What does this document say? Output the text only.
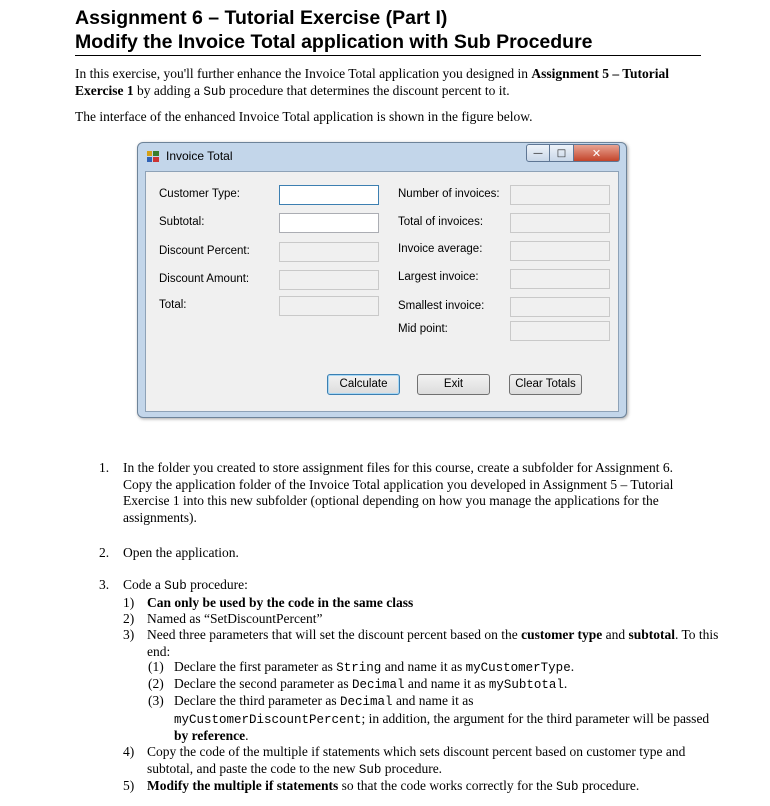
Assignment 6 – Tutorial Exercise (Part I)
Modify the Invoice Total application with Sub Procedure
In this exercise, you'll further enhance the Invoice Total application you designed in Assignment 5 – Tutorial Exercise 1 by adding a Sub procedure that determines the discount percent to it.
The interface of the enhanced Invoice Total application is shown in the figure below.
Invoice Total	—	□	✕
Customer Type:
Subtotal:
Discount Percent:
Discount Amount:
Total:
Number of invoices:
Total of invoices:
Invoice average:
Largest invoice:
Smallest invoice:
Mid point:
Calculate	Exit	Clear Totals
1. In the folder you created to store assignment files for this course, create a subfolder for Assignment 6. Copy the application folder of the Invoice Total application you developed in Assignment 5 – Tutorial Exercise 1 into this new subfolder (optional depending on how you manage the applications for the assignments).
2. Open the application.
3. Code a Sub procedure:
1) Can only be used by the code in the same class
2) Named as “SetDiscountPercent”
3) Need three parameters that will set the discount percent based on the customer type and subtotal. To this end:
(1) Declare the first parameter as String and name it as myCustomerType.
(2) Declare the second parameter as Decimal and name it as mySubtotal.
(3) Declare the third parameter as Decimal and name it as
myCustomerDiscountPercent; in addition, the argument for the third parameter will be passed by reference.
4) Copy the code of the multiple if statements which sets discount percent based on customer type and subtotal, and paste the code to the new Sub procedure.
5) Modify the multiple if statements so that the code works correctly for the Sub procedure.
